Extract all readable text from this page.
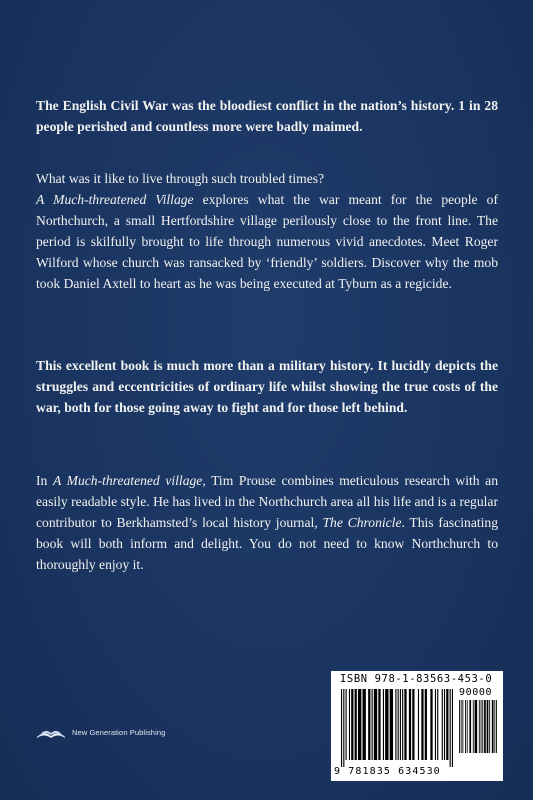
The English Civil War was the bloodiest conflict in the nation’s history. 1 in 28 people perished and countless more were badly maimed.

What was it like to live through such troubled times?
A Much-threatened Village explores what the war meant for the people of Northchurch, a small Hertfordshire village perilously close to the front line. The period is skilfully brought to life through numerous vivid anecdotes. Meet Roger Wilford whose church was ransacked by ‘friendly’ soldiers. Discover why the mob took Daniel Axtell to heart as he was being executed at Tyburn as a regicide.

This excellent book is much more than a military history. It lucidly depicts the struggles and eccentricities of ordinary life whilst showing the true costs of the war, both for those going away to fight and for those left behind.

In A Much-threatened village, Tim Prouse combines meticulous research with an easily readable style. He has lived in the Northchurch area all his life and is a regular contributor to Berkhamsted’s local history journal, The Chronicle. This fascinating book will both inform and delight. You do not need to know Northchurch to thoroughly enjoy it.

New Generation Publishing
ISBN 978-1-83563-453-0
90000
9 781835 634530
